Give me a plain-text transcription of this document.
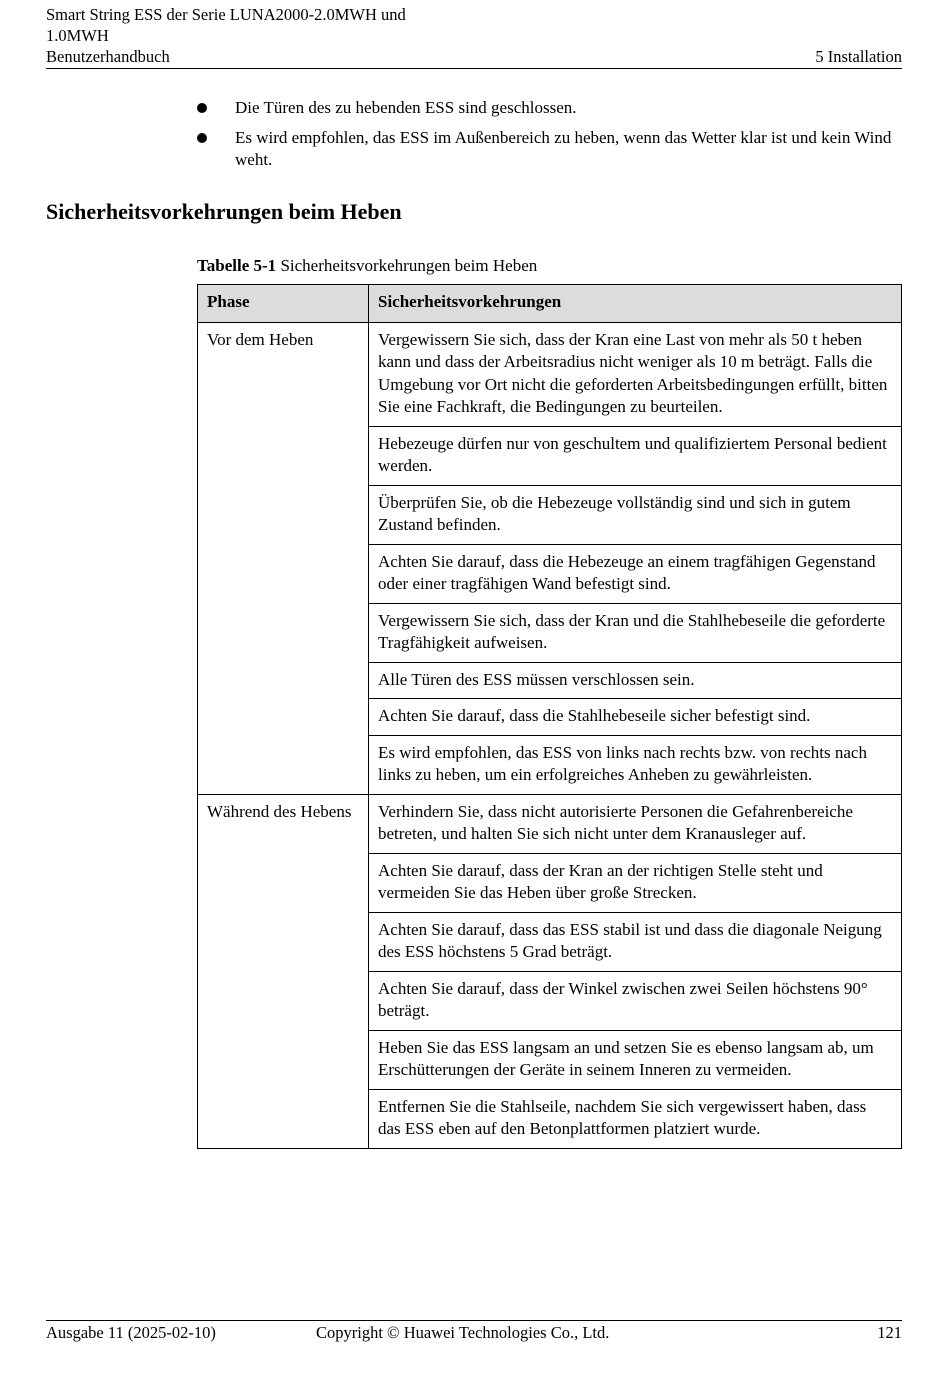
Smart String ESS der Serie LUNA2000-2.0MWH und
1.0MWH
Benutzerhandbuch	5 Installation
Die Türen des zu hebenden ESS sind geschlossen.
Es wird empfohlen, das ESS im Außenbereich zu heben, wenn das Wetter klar ist und kein Wind weht.
Sicherheitsvorkehrungen beim Heben
Tabelle 5-1 Sicherheitsvorkehrungen beim Heben
Phase	Sicherheitsvorkehrungen
Vor dem Heben	Vergewissern Sie sich, dass der Kran eine Last von mehr als 50 t heben kann und dass der Arbeitsradius nicht weniger als 10 m beträgt. Falls die Umgebung vor Ort nicht die geforderten Arbeitsbedingungen erfüllt, bitten Sie eine Fachkraft, die Bedingungen zu beurteilen.
	Hebezeuge dürfen nur von geschultem und qualifiziertem Personal bedient werden.
	Überprüfen Sie, ob die Hebezeuge vollständig sind und sich in gutem Zustand befinden.
	Achten Sie darauf, dass die Hebezeuge an einem tragfähigen Gegenstand oder einer tragfähigen Wand befestigt sind.
	Vergewissern Sie sich, dass der Kran und die Stahlhebeseile die geforderte Tragfähigkeit aufweisen.
	Alle Türen des ESS müssen verschlossen sein.
	Achten Sie darauf, dass die Stahlhebeseile sicher befestigt sind.
	Es wird empfohlen, das ESS von links nach rechts bzw. von rechts nach links zu heben, um ein erfolgreiches Anheben zu gewährleisten.
Während des Hebens	Verhindern Sie, dass nicht autorisierte Personen die Gefahrenbereiche betreten, und halten Sie sich nicht unter dem Kranausleger auf.
	Achten Sie darauf, dass der Kran an der richtigen Stelle steht und vermeiden Sie das Heben über große Strecken.
	Achten Sie darauf, dass das ESS stabil ist und dass die diagonale Neigung des ESS höchstens 5 Grad beträgt.
	Achten Sie darauf, dass der Winkel zwischen zwei Seilen höchstens 90° beträgt.
	Heben Sie das ESS langsam an und setzen Sie es ebenso langsam ab, um Erschütterungen der Geräte in seinem Inneren zu vermeiden.
	Entfernen Sie die Stahlseile, nachdem Sie sich vergewissert haben, dass das ESS eben auf den Betonplattformen platziert wurde.
Ausgabe 11 (2025-02-10)	Copyright © Huawei Technologies Co., Ltd.	121
